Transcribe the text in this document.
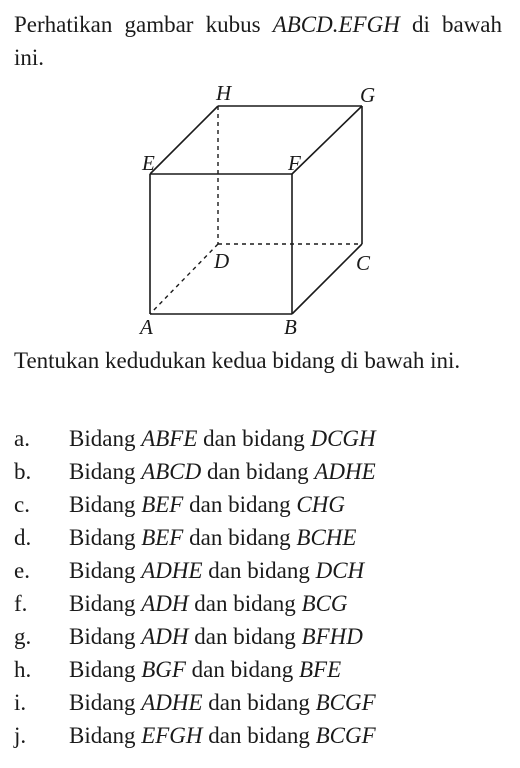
Perhatikan gambar kubus ABCD.EFGH di bawah ini.

H	G
E	F
D	C
A	B

Tentukan kedudukan kedua bidang di bawah ini.

a.	Bidang ABFE dan bidang DCGH
b.	Bidang ABCD dan bidang ADHE
c.	Bidang BEF dan bidang CHG
d.	Bidang BEF dan bidang BCHE
e.	Bidang ADHE dan bidang DCH
f.	Bidang ADH dan bidang BCG
g.	Bidang ADH dan bidang BFHD
h.	Bidang BGF dan bidang BFE
i.	Bidang ADHE dan bidang BCGF
j.	Bidang EFGH dan bidang BCGF
